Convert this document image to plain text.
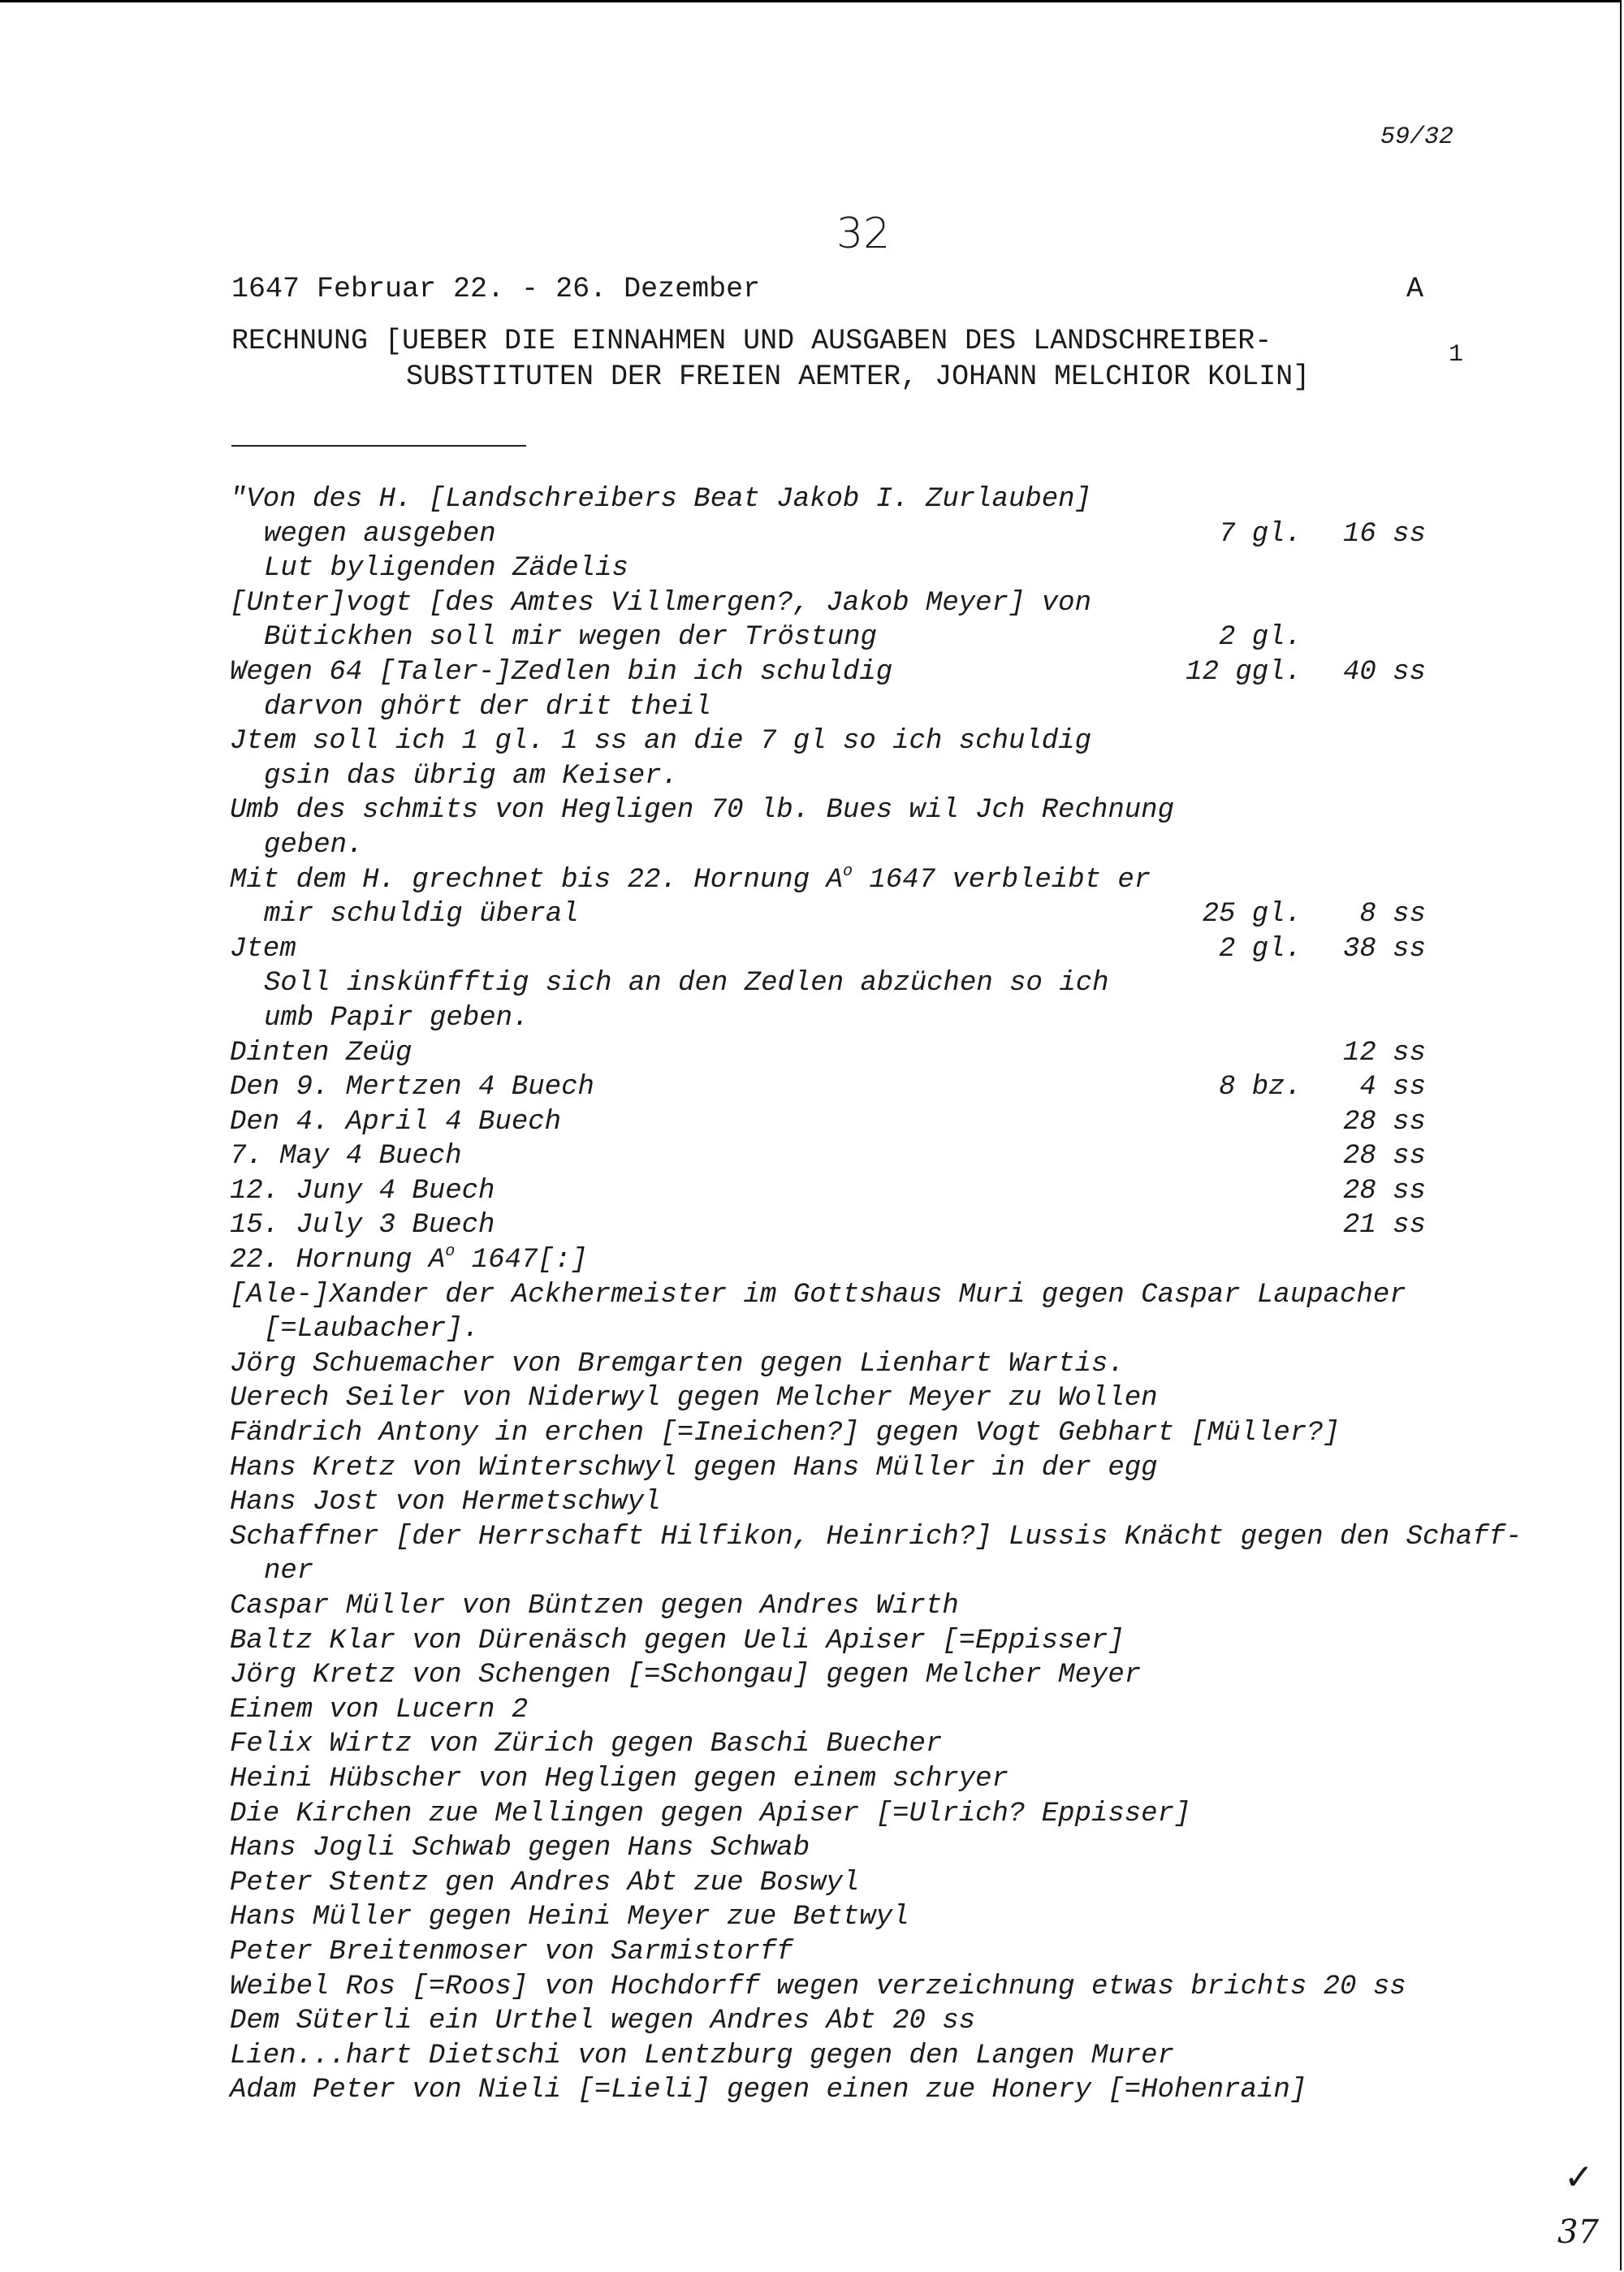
59/32
32
1647 Februar 22. - 26. Dezember	A
RECHNUNG [UEBER DIE EINNAHMEN UND AUSGABEN DES LANDSCHREIBER-
SUBSTITUTEN DER FREIEN AEMTER, JOHANN MELCHIOR KOLIN]
1
"Von des H. [Landschreibers Beat Jakob I. Zurlauben]
wegen ausgeben	7 gl. 16 ss
Lut byligenden Zädelis
[Unter]vogt [des Amtes Villmergen?, Jakob Meyer] von
Bütickhen soll mir wegen der Tröstung	2 gl.
Wegen 64 [Taler-]Zedlen bin ich schuldig	12 ggl. 40 ss
darvon ghört der drit theil
Jtem soll ich 1 gl. 1 ss an die 7 gl so ich schuldig
gsin das übrig am Keiser.
Umb des schmits von Hegligen 70 lb. Bues wil Jch Rechnung
geben.
Mit dem H. grechnet bis 22. Hornung $A^o$ 1647 verbleibt er
mir schuldig überal	25 gl. 8 ss
Jtem	2 gl. 38 ss
Soll inskünfftig sich an den Zedlen abzüchen so ich
umb Papir geben.
Dinten Zeüg	12 ss
Den 9. Mertzen 4 Buech	8 bz. 4 ss
Den 4. April 4 Buech	28 ss
7. May 4 Buech	28 ss
12. Juny 4 Buech	28 ss
15. July 3 Buech	21 ss
22. Hornung $A^o$ 1647[:]
[Ale-]Xander der Ackhermeister im Gottshaus Muri gegen Caspar Laupacher
[=Laubacher].
Jörg Schuemacher von Bremgarten gegen Lienhart Wartis.
Uerech Seiler von Niderwyl gegen Melcher Meyer zu Wollen
Fändrich Antony in erchen [=Ineichen?] gegen Vogt Gebhart [Müller?]
Hans Kretz von Winterschwyl gegen Hans Müller in der egg
Hans Jost von Hermetschwyl
Schaffner [der Herrschaft Hilfikon, Heinrich?] Lussis Knächt gegen den Schaff-
ner
Caspar Müller von Büntzen gegen Andres Wirth
Baltz Klar von Dürenäsch gegen Ueli Apiser [=Eppisser]
Jörg Kretz von Schengen [=Schongau] gegen Melcher Meyer
Einem von Lucern 2
Felix Wirtz von Zürich gegen Baschi Buecher
Heini Hübscher von Hegligen gegen einem schryer
Die Kirchen zue Mellingen gegen Apiser [=Ulrich? Eppisser]
Hans Jogli Schwab gegen Hans Schwab
Peter Stentz gen Andres Abt zue Boswyl
Hans Müller gegen Heini Meyer zue Bettwyl
Peter Breitenmoser von Sarmistorff
Weibel Ros [=Roos] von Hochdorff wegen verzeichnung etwas brichts 20 ss
Dem Süterli ein Urthel wegen Andres Abt 20 ss
Lien...hart Dietschi von Lentzburg gegen den Langen Murer
Adam Peter von Nieli [=Lieli] gegen einen zue Honery [=Hohenrain]
✓
37
